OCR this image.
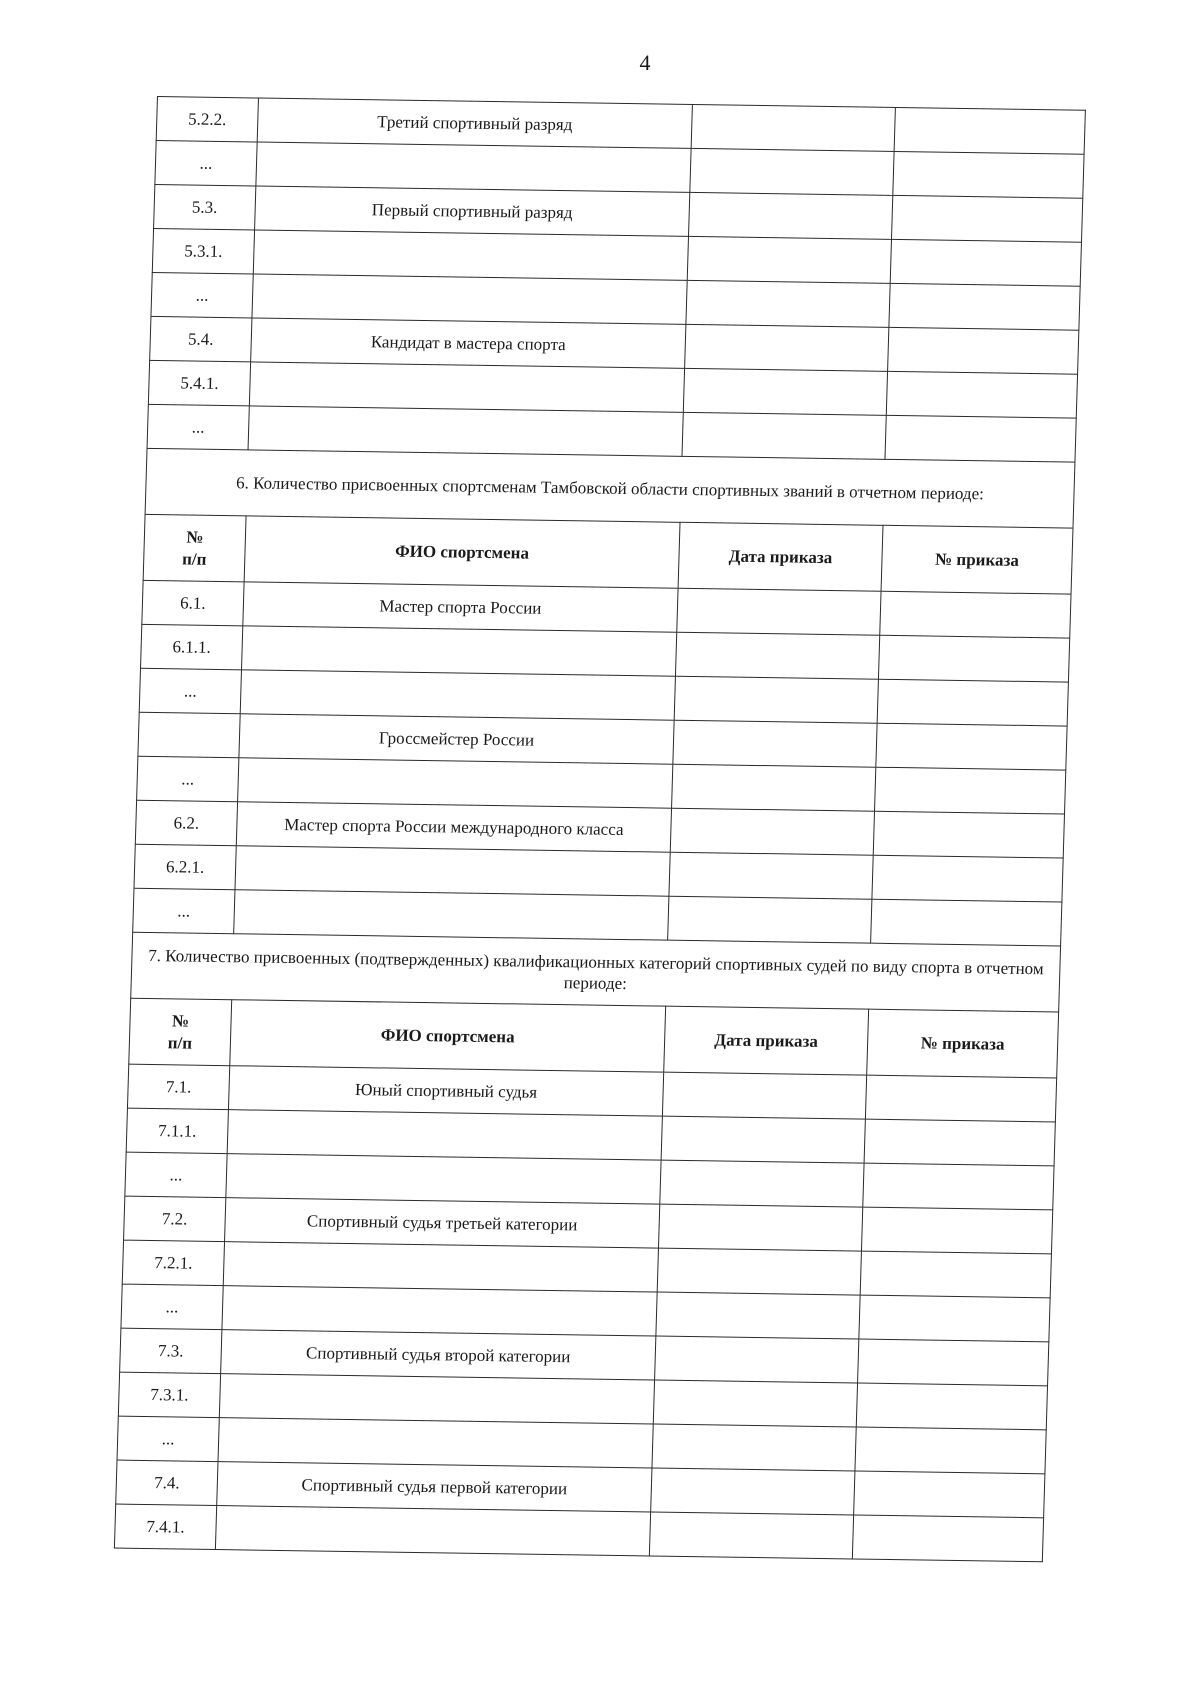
4
5.2.2.	Третий спортивный разряд		
...			
5.3.	Первый спортивный разряд		
5.3.1.			
...			
5.4.	Кандидат в мастера спорта		
5.4.1.			
...			
6. Количество присвоенных спортсменам Тамбовской области спортивных званий в отчетном периоде:			

№
п/п	ФИО спортсмена	Дата приказа	№ приказа
6.1.	Мастер спорта России		
6.1.1.			
...			
	Гроссмейстер России		
...			
6.2.	Мастер спорта России международного класса		
6.2.1.			
...			
7. Количество присвоенных (подтвержденных) квалификационных категорий спортивных судей по виду спорта в отчетном периоде:			

№
п/п	ФИО спортсмена	Дата приказа	№ приказа
7.1.	Юный спортивный судья		
7.1.1.			
...			
7.2.	Спортивный судья третьей категории		
7.2.1.			
...			
7.3.	Спортивный судья второй категории		
7.3.1.			
...			
7.4.	Спортивный судья первой категории		
7.4.1.			
